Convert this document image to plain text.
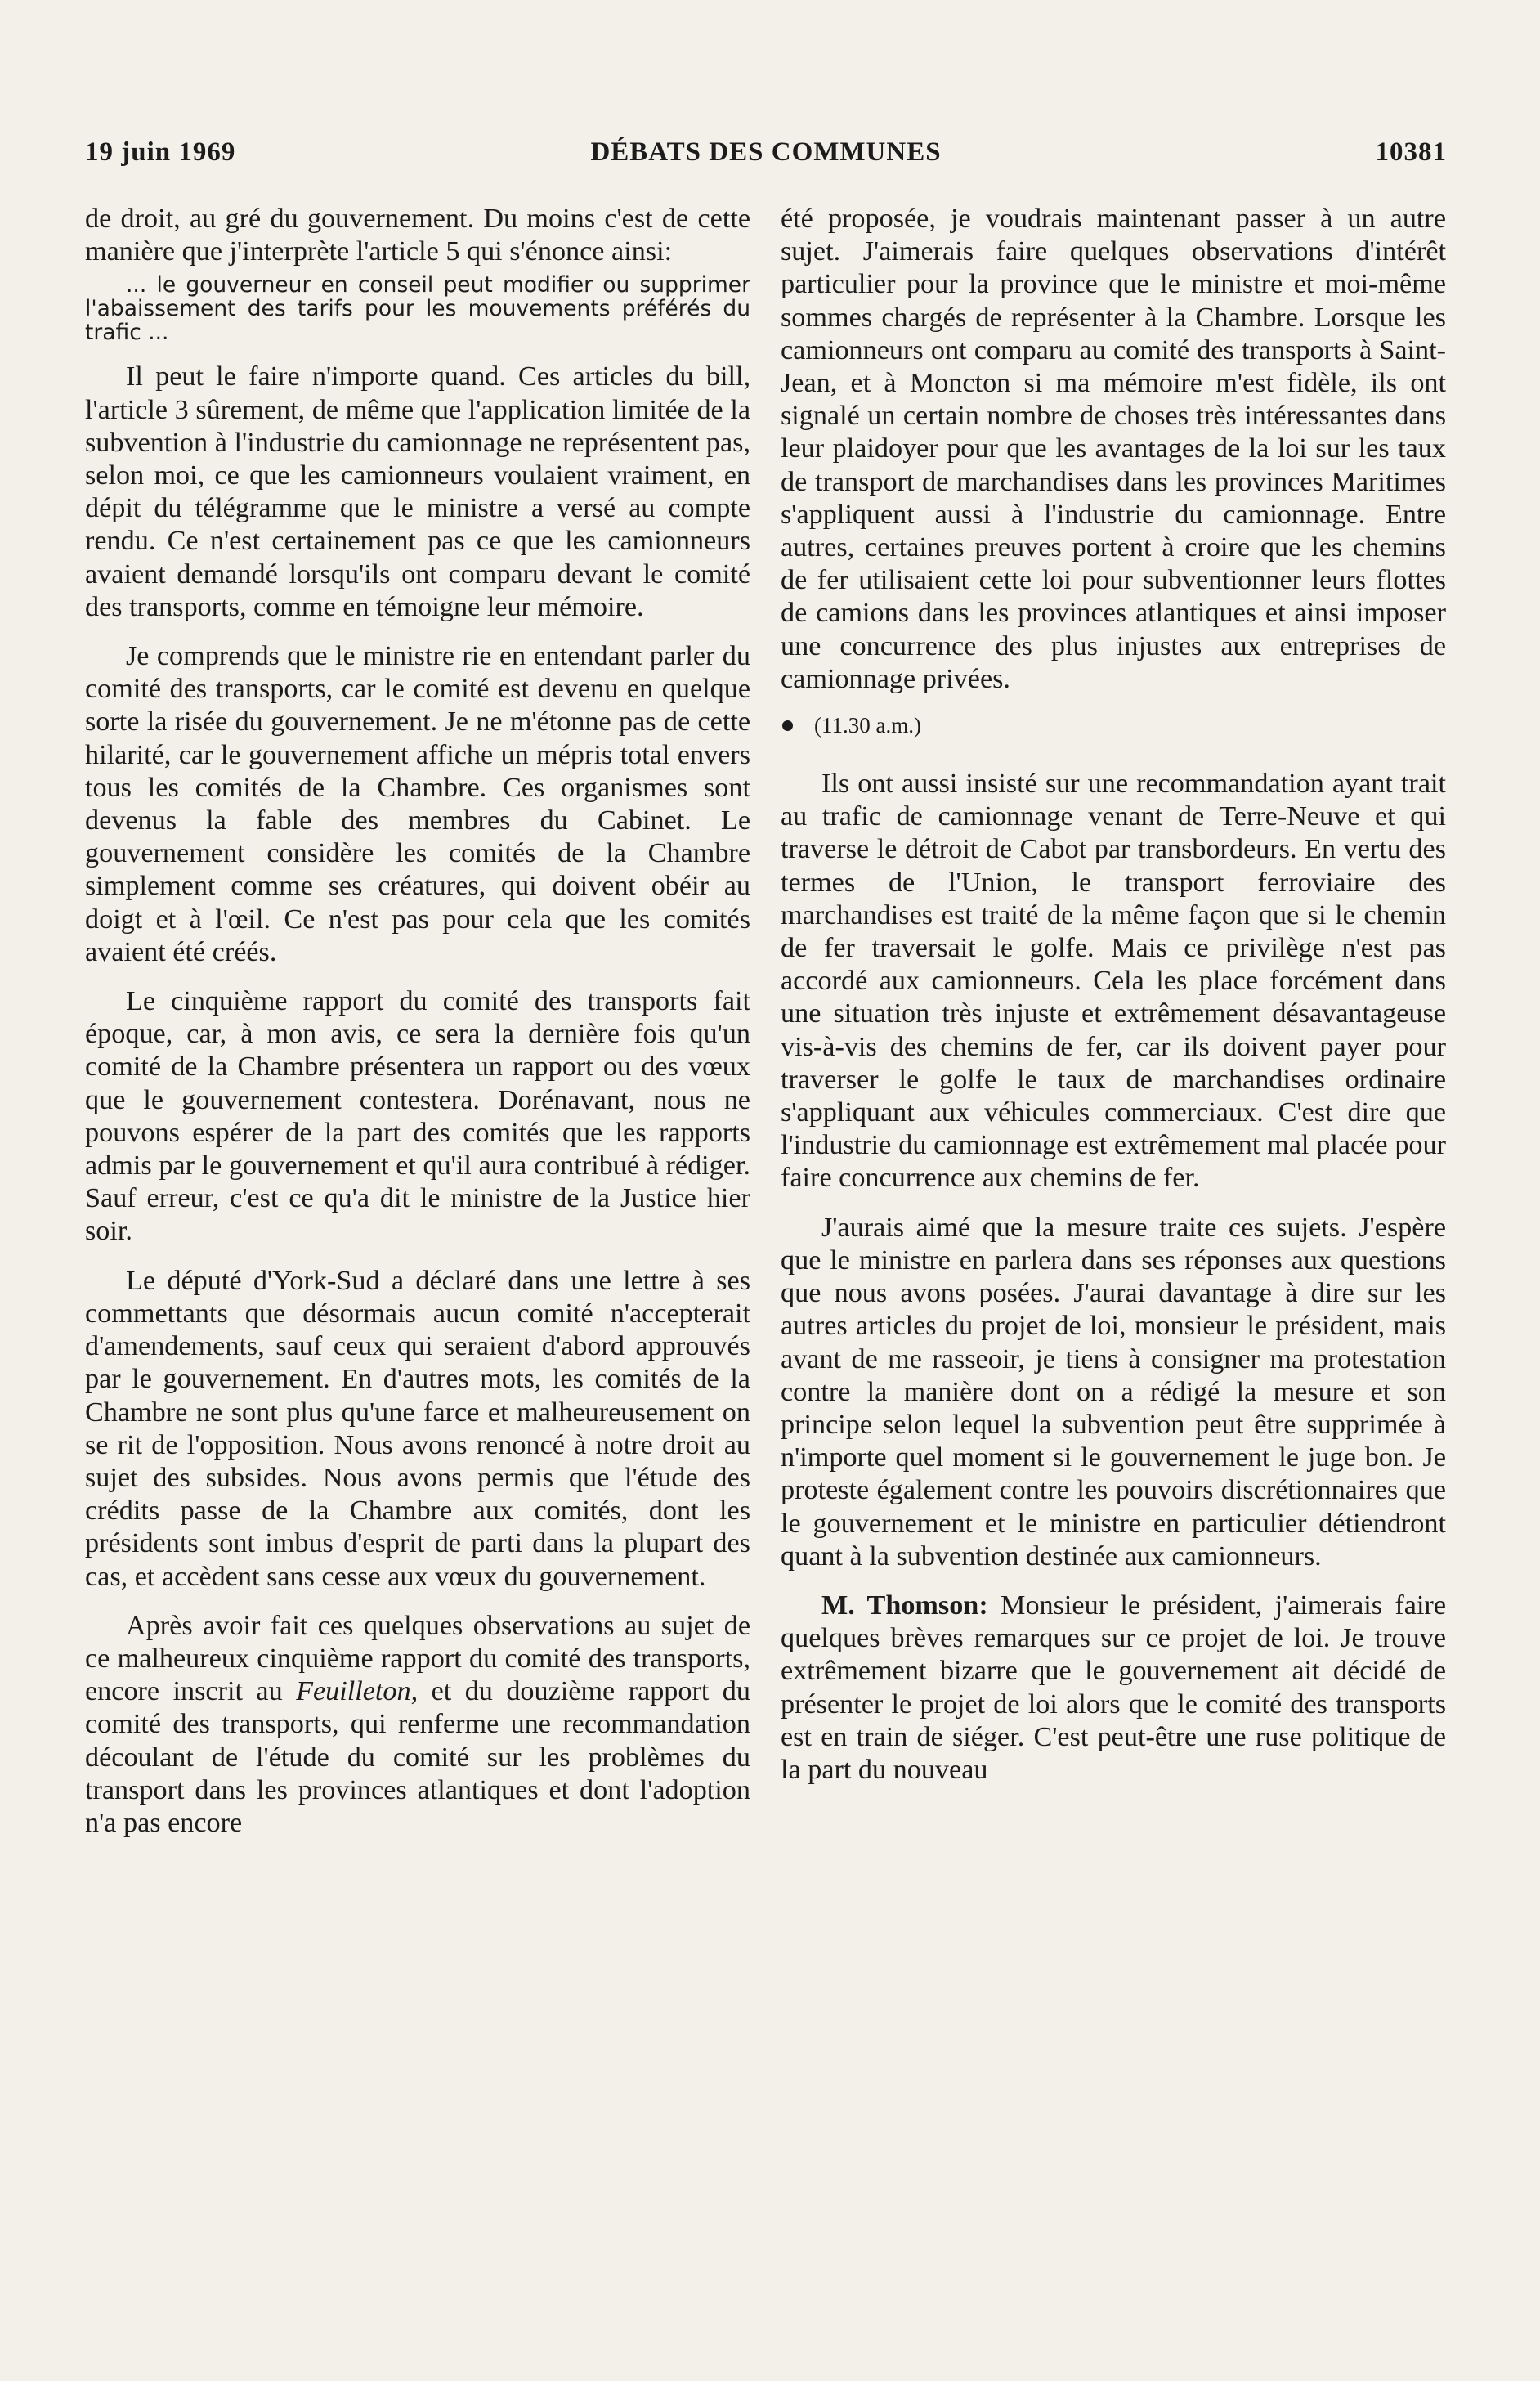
19 juin 1969	DÉBATS DES COMMUNES	10381

de droit, au gré du gouvernement. Du moins c'est de cette manière que j'interprète l'article 5 qui s'énonce ainsi:

... le gouverneur en conseil peut modifier ou supprimer l'abaissement des tarifs pour les mouvements préférés du trafic ...

Il peut le faire n'importe quand. Ces articles du bill, l'article 3 sûrement, de même que l'application limitée de la subvention à l'industrie du camionnage ne représentent pas, selon moi, ce que les camionneurs voulaient vraiment, en dépit du télégramme que le ministre a versé au compte rendu. Ce n'est certainement pas ce que les camionneurs avaient demandé lorsqu'ils ont comparu devant le comité des transports, comme en témoigne leur mémoire.

Je comprends que le ministre rie en entendant parler du comité des transports, car le comité est devenu en quelque sorte la risée du gouvernement. Je ne m'étonne pas de cette hilarité, car le gouvernement affiche un mépris total envers tous les comités de la Chambre. Ces organismes sont devenus la fable des membres du Cabinet. Le gouvernement considère les comités de la Chambre simplement comme ses créatures, qui doivent obéir au doigt et à l'œil. Ce n'est pas pour cela que les comités avaient été créés.

Le cinquième rapport du comité des transports fait époque, car, à mon avis, ce sera la dernière fois qu'un comité de la Chambre présentera un rapport ou des vœux que le gouvernement contestera. Dorénavant, nous ne pouvons espérer de la part des comités que les rapports admis par le gouvernement et qu'il aura contribué à rédiger. Sauf erreur, c'est ce qu'a dit le ministre de la Justice hier soir.

Le député d'York-Sud a déclaré dans une lettre à ses commettants que désormais aucun comité n'accepterait d'amendements, sauf ceux qui seraient d'abord approuvés par le gouvernement. En d'autres mots, les comités de la Chambre ne sont plus qu'une farce et malheureusement on se rit de l'opposition. Nous avons renoncé à notre droit au sujet des subsides. Nous avons permis que l'étude des crédits passe de la Chambre aux comités, dont les présidents sont imbus d'esprit de parti dans la plupart des cas, et accèdent sans cesse aux vœux du gouvernement.

Après avoir fait ces quelques observations au sujet de ce malheureux cinquième rapport du comité des transports, encore inscrit au Feuilleton, et du douzième rapport du comité des transports, qui renferme une recommandation découlant de l'étude du comité sur les problèmes du transport dans les provinces atlantiques et dont l'adoption n'a pas encore

été proposée, je voudrais maintenant passer à un autre sujet. J'aimerais faire quelques observations d'intérêt particulier pour la province que le ministre et moi-même sommes chargés de représenter à la Chambre. Lorsque les camionneurs ont comparu au comité des transports à Saint-Jean, et à Moncton si ma mémoire m'est fidèle, ils ont signalé un certain nombre de choses très intéressantes dans leur plaidoyer pour que les avantages de la loi sur les taux de transport de marchandises dans les provinces Maritimes s'appliquent aussi à l'industrie du camionnage. Entre autres, certaines preuves portent à croire que les chemins de fer utilisaient cette loi pour subventionner leurs flottes de camions dans les provinces atlantiques et ainsi imposer une concurrence des plus injustes aux entreprises de camionnage privées.

(11.30 a.m.)

Ils ont aussi insisté sur une recommandation ayant trait au trafic de camionnage venant de Terre-Neuve et qui traverse le détroit de Cabot par transbordeurs. En vertu des termes de l'Union, le transport ferroviaire des marchandises est traité de la même façon que si le chemin de fer traversait le golfe. Mais ce privilège n'est pas accordé aux camionneurs. Cela les place forcément dans une situation très injuste et extrêmement désavantageuse vis-à-vis des chemins de fer, car ils doivent payer pour traverser le golfe le taux de marchandises ordinaire s'appliquant aux véhicules commerciaux. C'est dire que l'industrie du camionnage est extrêmement mal placée pour faire concurrence aux chemins de fer.

J'aurais aimé que la mesure traite ces sujets. J'espère que le ministre en parlera dans ses réponses aux questions que nous avons posées. J'aurai davantage à dire sur les autres articles du projet de loi, monsieur le président, mais avant de me rasseoir, je tiens à consigner ma protestation contre la manière dont on a rédigé la mesure et son principe selon lequel la subvention peut être supprimée à n'importe quel moment si le gouvernement le juge bon. Je proteste également contre les pouvoirs discrétionnaires que le gouvernement et le ministre en particulier détiendront quant à la subvention destinée aux camionneurs.

M. Thomson: Monsieur le président, j'aimerais faire quelques brèves remarques sur ce projet de loi. Je trouve extrêmement bizarre que le gouvernement ait décidé de présenter le projet de loi alors que le comité des transports est en train de siéger. C'est peut-être une ruse politique de la part du nouveau
